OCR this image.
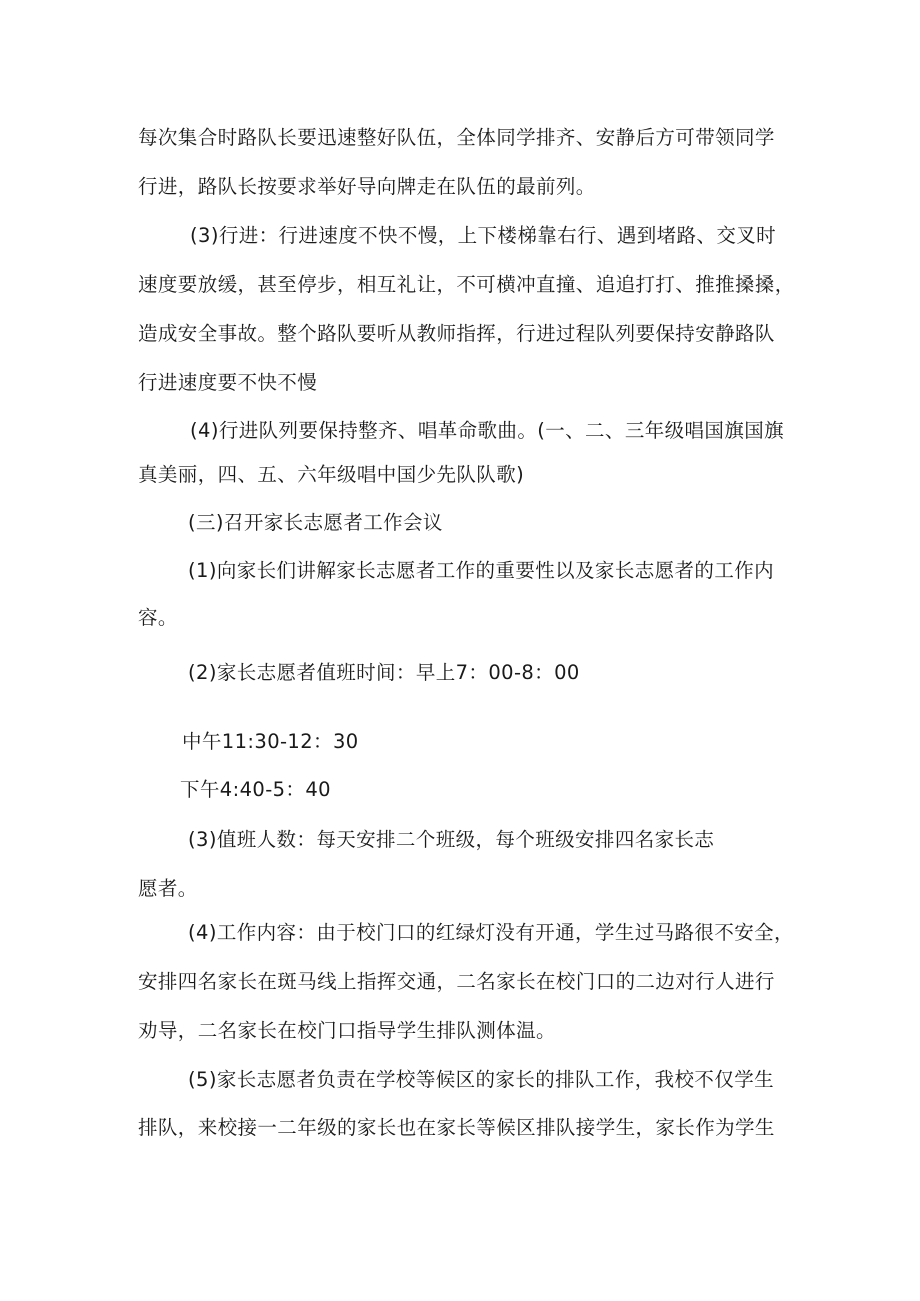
每次集合时路队长要迅速整好队伍，全体同学排齐、安静后方可带领同学
行进，路队长按要求举好导向牌走在队伍的最前列。
(3)行进：行进速度不快不慢，上下楼梯靠右行、遇到堵路、交叉时
速度要放缓，甚至停步，相互礼让，不可横冲直撞、追追打打、推推搡搡，
造成安全事故。整个路队要听从教师指挥，行进过程队列要保持安静路队
行进速度要不快不慢
(4)行进队列要保持整齐、唱革命歌曲。(一、二、三年级唱国旗国旗
真美丽，四、五、六年级唱中国少先队队歌)
(三)召开家长志愿者工作会议
(1)向家长们讲解家长志愿者工作的重要性以及家长志愿者的工作内
容。
(2)家长志愿者值班时间：早上7：00-8：00
中午11:30-12：30
下午4:40-5：40
(3)值班人数：每天安排二个班级，每个班级安排四名家长志
愿者。
(4)工作内容：由于校门口的红绿灯没有开通，学生过马路很不安全，
安排四名家长在斑马线上指挥交通，二名家长在校门口的二边对行人进行
劝导，二名家长在校门口指导学生排队测体温。
(5)家长志愿者负责在学校等候区的家长的排队工作，我校不仅学生
排队，来校接一二年级的家长也在家长等候区排队接学生，家长作为学生
